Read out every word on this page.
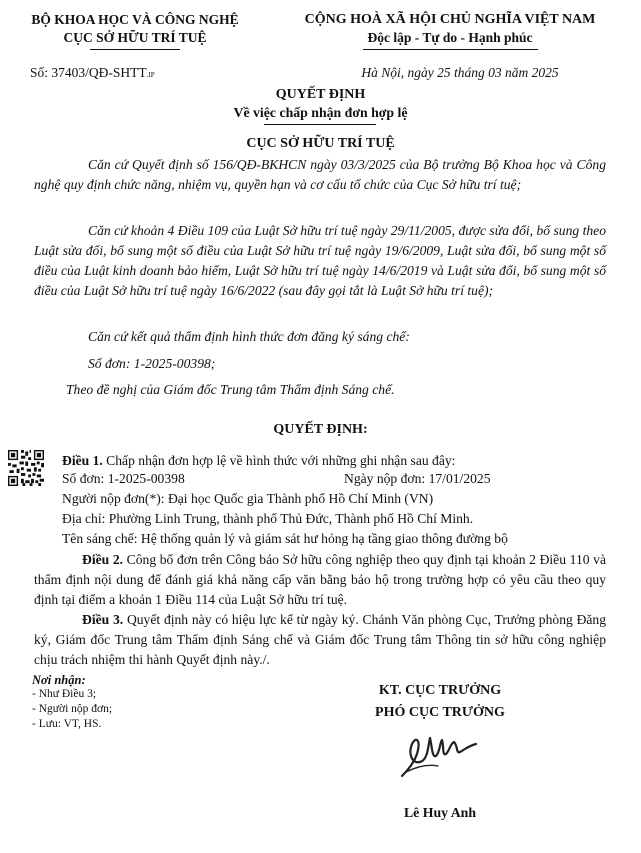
BỘ KHOA HỌC VÀ CÔNG NGHỆ
CỤC SỞ HỮU TRÍ TUỆ
CỘNG HOÀ XÃ HỘI CHỦ NGHĨA VIỆT NAM
Độc lập - Tự do - Hạnh phúc
Số: 37403/QĐ-SHTT.IP	Hà Nội, ngày 25 tháng 03 năm 2025
QUYẾT ĐỊNH
Về việc chấp nhận đơn hợp lệ
CỤC SỞ HỮU TRÍ TUỆ
Căn cứ Quyết định số 156/QĐ-BKHCN ngày 03/3/2025 của Bộ trưởng Bộ Khoa học và Công nghệ quy định chức năng, nhiệm vụ, quyền hạn và cơ cấu tổ chức của Cục Sở hữu trí tuệ;
Căn cứ khoản 4 Điều 109 của Luật Sở hữu trí tuệ ngày 29/11/2005, được sửa đổi, bổ sung theo Luật sửa đổi, bổ sung một số điều của Luật Sở hữu trí tuệ ngày 19/6/2009, Luật sửa đổi, bổ sung một số điều của Luật kinh doanh bảo hiểm, Luật Sở hữu trí tuệ ngày 14/6/2019 và Luật sửa đổi, bổ sung một số điều của Luật Sở hữu trí tuệ ngày 16/6/2022 (sau đây gọi tắt là Luật Sở hữu trí tuệ);
Căn cứ kết quả thẩm định hình thức đơn đăng ký sáng chế:
Số đơn: 1-2025-00398;
Theo đề nghị của Giám đốc Trung tâm Thẩm định Sáng chế.
QUYẾT ĐỊNH:
Điều 1. Chấp nhận đơn hợp lệ về hình thức với những ghi nhận sau đây:
Số đơn: 1-2025-00398	Ngày nộp đơn: 17/01/2025
Người nộp đơn(*): Đại học Quốc gia Thành phố Hồ Chí Minh (VN)
Địa chỉ: Phường Linh Trung, thành phố Thủ Đức, Thành phố Hồ Chí Minh.
Tên sáng chế: Hệ thống quản lý và giám sát hư hỏng hạ tầng giao thông đường bộ
Điều 2. Công bố đơn trên Công báo Sở hữu công nghiệp theo quy định tại khoản 2 Điều 110 và thẩm định nội dung để đánh giá khả năng cấp văn bằng bảo hộ trong trường hợp có yêu cầu theo quy định tại điểm a khoản 1 Điều 114 của Luật Sở hữu trí tuệ.
Điều 3. Quyết định này có hiệu lực kể từ ngày ký. Chánh Văn phòng Cục, Trưởng phòng Đăng ký, Giám đốc Trung tâm Thẩm định Sáng chế và Giám đốc Trung tâm Thông tin sở hữu công nghiệp chịu trách nhiệm thi hành Quyết định này./.
Nơi nhận:
- Như Điều 3;
- Người nộp đơn;
- Lưu: VT, HS.
KT. CỤC TRƯỞNG
PHÓ CỤC TRƯỞNG
Lê Huy Anh
